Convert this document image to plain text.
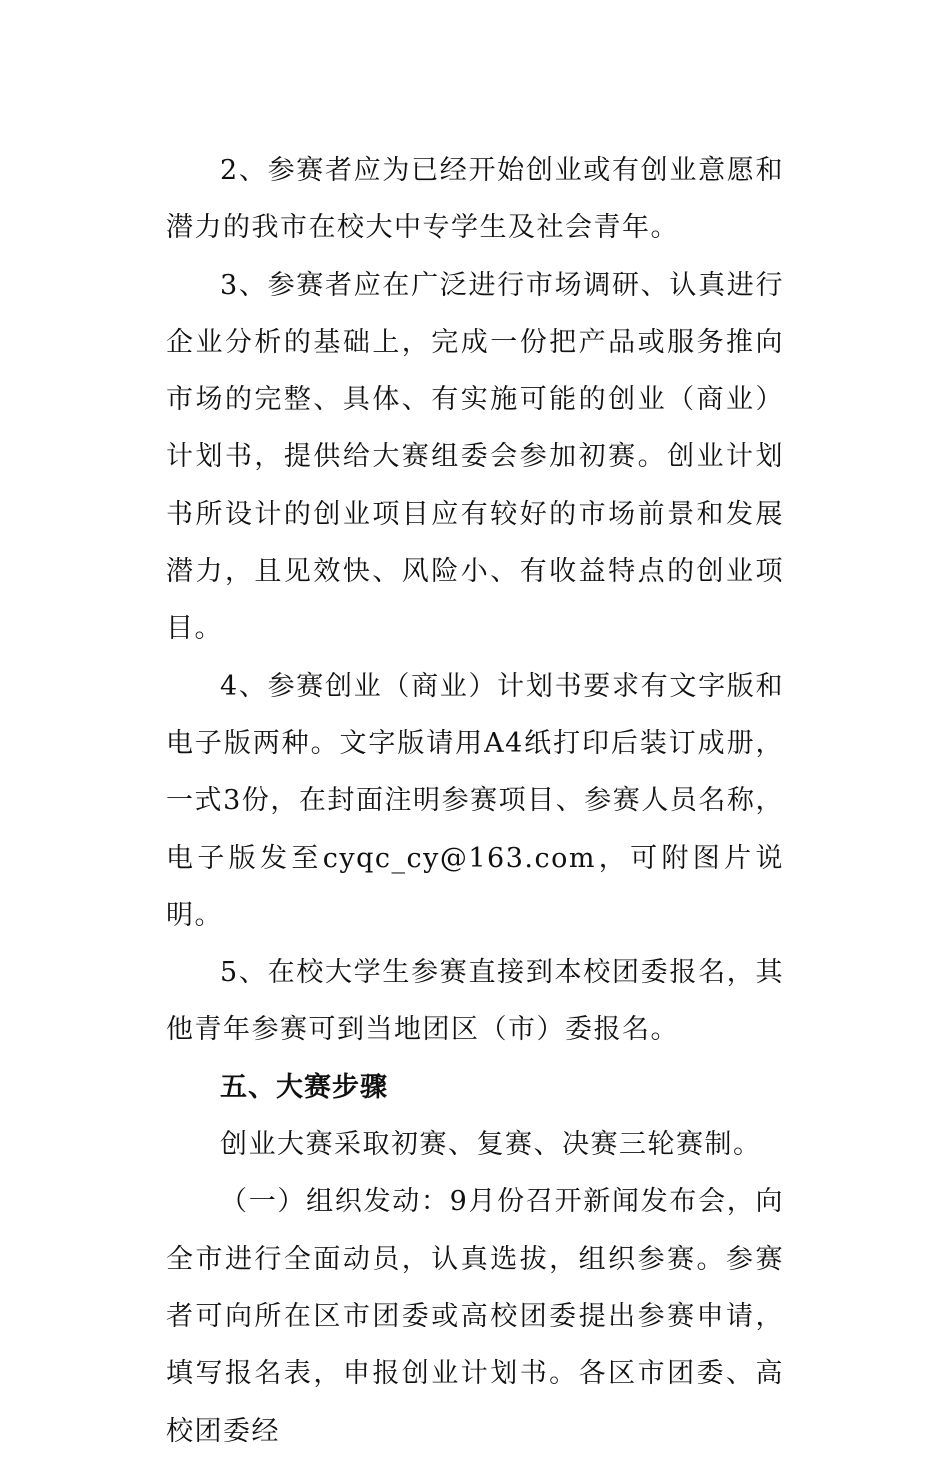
2、参赛者应为已经开始创业或有创业意愿和潜力的我市在校大中专学生及社会青年。

3、参赛者应在广泛进行市场调研、认真进行企业分析的基础上，完成一份把产品或服务推向市场的完整、具体、有实施可能的创业（商业）计划书，提供给大赛组委会参加初赛。创业计划书所设计的创业项目应有较好的市场前景和发展潜力，且见效快、风险小、有收益特点的创业项目。

4、参赛创业（商业）计划书要求有文字版和电子版两种。文字版请用A4纸打印后装订成册，一式3份，在封面注明参赛项目、参赛人员名称，电子版发至cyqc_cy@163.com，可附图片说明。

5、在校大学生参赛直接到本校团委报名，其他青年参赛可到当地团区（市）委报名。

五、大赛步骤

创业大赛采取初赛、复赛、决赛三轮赛制。

（一）组织发动：9月份召开新闻发布会，向全市进行全面动员，认真选拔，组织参赛。参赛者可向所在区市团委或高校团委提出参赛申请，填写报名表，申报创业计划书。各区市团委、高校团委经
